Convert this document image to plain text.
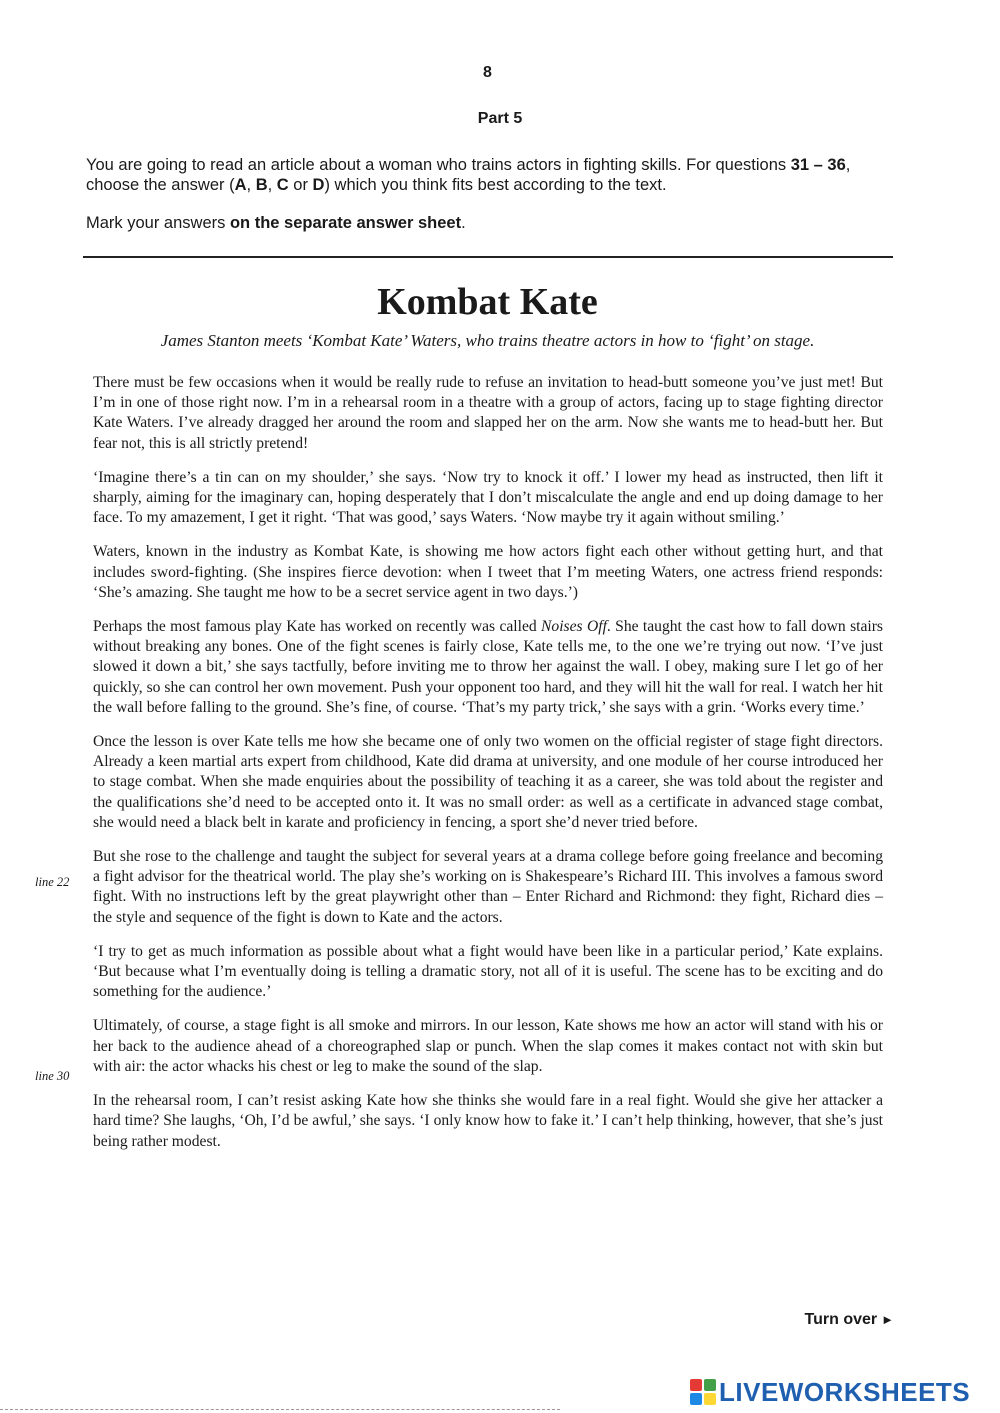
8
Part 5

You are going to read an article about a woman who trains actors in fighting skills. For questions 31 – 36, choose the answer (A, B, C or D) which you think fits best according to the text.

Mark your answers on the separate answer sheet.

Kombat Kate
James Stanton meets ‘Kombat Kate’ Waters, who trains theatre actors in how to ‘fight’ on stage.

There must be few occasions when it would be really rude to refuse an invitation to head-butt someone you’ve just met! But I’m in one of those right now. I’m in a rehearsal room in a theatre with a group of actors, facing up to stage fighting director Kate Waters. I’ve already dragged her around the room and slapped her on the arm. Now she wants me to head-butt her. But fear not, this is all strictly pretend!

‘Imagine there’s a tin can on my shoulder,’ she says. ‘Now try to knock it off.’ I lower my head as instructed, then lift it sharply, aiming for the imaginary can, hoping desperately that I don’t miscalculate the angle and end up doing damage to her face. To my amazement, I get it right. ‘That was good,’ says Waters. ‘Now maybe try it again without smiling.’

Waters, known in the industry as Kombat Kate, is showing me how actors fight each other without getting hurt, and that includes sword-fighting. (She inspires fierce devotion: when I tweet that I’m meeting Waters, one actress friend responds: ‘She’s amazing. She taught me how to be a secret service agent in two days.’)

Perhaps the most famous play Kate has worked on recently was called Noises Off. She taught the cast how to fall down stairs without breaking any bones. One of the fight scenes is fairly close, Kate tells me, to the one we’re trying out now. ‘I’ve just slowed it down a bit,’ she says tactfully, before inviting me to throw her against the wall. I obey, making sure I let go of her quickly, so she can control her own movement. Push your opponent too hard, and they will hit the wall for real. I watch her hit the wall before falling to the ground. She’s fine, of course. ‘That’s my party trick,’ she says with a grin. ‘Works every time.’

Once the lesson is over Kate tells me how she became one of only two women on the official register of stage fight directors. Already a keen martial arts expert from childhood, Kate did drama at university, and one module of her course introduced her to stage combat. When she made enquiries about the possibility of teaching it as a career, she was told about the register and the qualifications she’d need to be accepted onto it. It was no small order: as well as a certificate in advanced stage combat, she would need a black belt in karate and proficiency in fencing, a sport she’d never tried before.

But she rose to the challenge and taught the subject for several years at a drama college before going freelance and becoming a fight advisor for the theatrical world. The play she’s working on is Shakespeare’s Richard III. This involves a famous sword fight. With no instructions left by the great playwright other than – Enter Richard and Richmond: they fight, Richard dies – the style and sequence of the fight is down to Kate and the actors.

‘I try to get as much information as possible about what a fight would have been like in a particular period,’ Kate explains. ‘But because what I’m eventually doing is telling a dramatic story, not all of it is useful. The scene has to be exciting and do something for the audience.’

Ultimately, of course, a stage fight is all smoke and mirrors. In our lesson, Kate shows me how an actor will stand with his or her back to the audience ahead of a choreographed slap or punch. When the slap comes it makes contact not with skin but with air: the actor whacks his chest or leg to make the sound of the slap.

In the rehearsal room, I can’t resist asking Kate how she thinks she would fare in a real fight. Would she give her attacker a hard time? She laughs, ‘Oh, I’d be awful,’ she says. ‘I only know how to fake it.’ I can’t help thinking, however, that she’s just being rather modest.

line 22
line 30
Turn over ►
LIVEWORKSHEETS
